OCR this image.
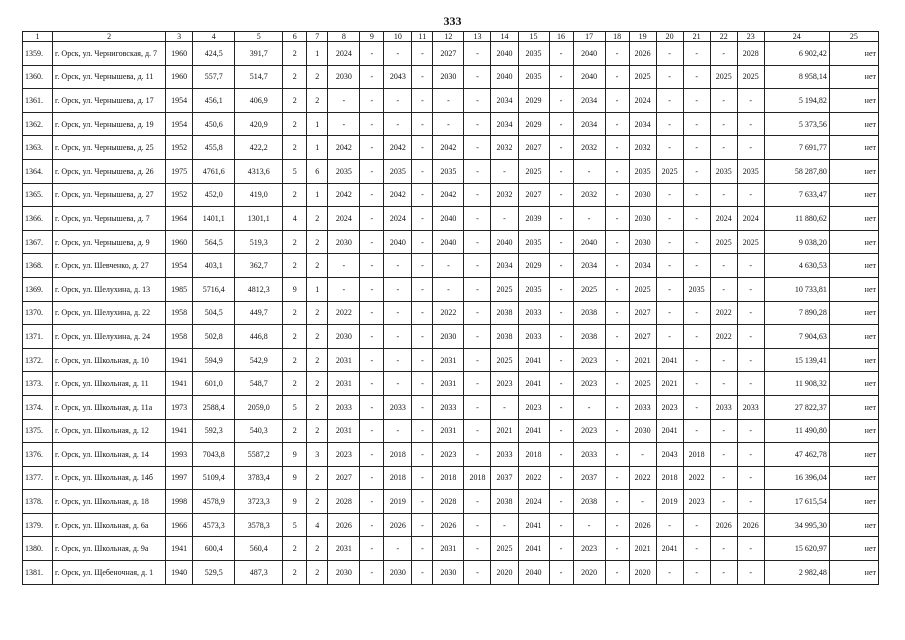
333
1	2	3	4	5	6	7	8	9	10	11	12	13	14	15	16	17	18	19	20	21	22	23	24	25
1359.	г. Орск, ул. Черниговская, д. 7	1960	424,5	391,7	2	1	2024	-	-	-	2027	-	2040	2035	-	2040	-	2026	-	-	-	2028	6 902,42	нет
1360.	г. Орск, ул. Чернышева, д. 11	1960	557,7	514,7	2	2	2030	-	2043	-	2030	-	2040	2035	-	2040	-	2025	-	-	2025	2025	8 958,14	нет
1361.	г. Орск, ул. Чернышева, д. 17	1954	456,1	406,9	2	2	-	-	-	-	-	-	2034	2029	-	2034	-	2024	-	-	-	-	5 194,82	нет
1362.	г. Орск, ул. Чернышева, д. 19	1954	450,6	420,9	2	1	-	-	-	-	-	-	2034	2029	-	2034	-	2034	-	-	-	-	5 373,56	нет
1363.	г. Орск, ул. Чернышева, д. 25	1952	455,8	422,2	2	1	2042	-	2042	-	2042	-	2032	2027	-	2032	-	2032	-	-	-	-	7 691,77	нет
1364.	г. Орск, ул. Чернышева, д. 26	1975	4761,6	4313,6	5	6	2035	-	2035	-	2035	-	-	2025	-	-	-	2035	2025	-	2035	2035	58 287,80	нет
1365.	г. Орск, ул. Чернышева, д. 27	1952	452,0	419,0	2	1	2042	-	2042	-	2042	-	2032	2027	-	2032	-	2030	-	-	-	-	7 633,47	нет
1366.	г. Орск, ул. Чернышева, д. 7	1964	1401,1	1301,1	4	2	2024	-	2024	-	2040	-	-	2039	-	-	-	2030	-	-	2024	2024	11 880,62	нет
1367.	г. Орск, ул. Чернышева, д. 9	1960	564,5	519,3	2	2	2030	-	2040	-	2040	-	2040	2035	-	2040	-	2030	-	-	2025	2025	9 038,20	нет
1368.	г. Орск, ул. Шевченко, д. 27	1954	403,1	362,7	2	2	-	-	-	-	-	-	2034	2029	-	2034	-	2034	-	-	-	-	4 630,53	нет
1369.	г. Орск, ул. Шелухина, д. 13	1985	5716,4	4812,3	9	1	-	-	-	-	-	-	2025	2035	-	2025	-	2025	-	2035	-	-	10 733,81	нет
1370.	г. Орск, ул. Шелухина, д. 22	1958	504,5	449,7	2	2	2022	-	-	-	2022	-	2038	2033	-	2038	-	2027	-	-	2022	-	7 890,28	нет
1371.	г. Орск, ул. Шелухина, д. 24	1958	502,8	446,8	2	2	2030	-	-	-	2030	-	2038	2033	-	2038	-	2027	-	-	2022	-	7 904,63	нет
1372.	г. Орск, ул. Школьная, д. 10	1941	594,9	542,9	2	2	2031	-	-	-	2031	-	2025	2041	-	2023	-	2021	2041	-	-	-	15 139,41	нет
1373.	г. Орск, ул. Школьная, д. 11	1941	601,0	548,7	2	2	2031	-	-	-	2031	-	2023	2041	-	2023	-	2025	2021	-	-	-	11 908,32	нет
1374.	г. Орск, ул. Школьная, д. 11а	1973	2588,4	2059,0	5	2	2033	-	2033	-	2033	-	-	2023	-	-	-	2033	2023	-	2033	2033	27 822,37	нет
1375.	г. Орск, ул. Школьная, д. 12	1941	592,3	540,3	2	2	2031	-	-	-	2031	-	2021	2041	-	2023	-	2030	2041	-	-	-	11 490,80	нет
1376.	г. Орск, ул. Школьная, д. 14	1993	7043,8	5587,2	9	3	2023	-	2018	-	2023	-	2033	2018	-	2033	-	-	2043	2018	-	-	47 462,78	нет
1377.	г. Орск, ул. Школьная, д. 14б	1997	5109,4	3783,4	9	2	2027	-	2018	-	2018	2018	2037	2022	-	2037	-	2022	2018	2022	-	-	16 396,04	нет
1378.	г. Орск, ул. Школьная, д. 18	1998	4578,9	3723,3	9	2	2028	-	2019	-	2028	-	2038	2024	-	2038	-	-	2019	2023	-	-	17 615,54	нет
1379.	г. Орск, ул. Школьная, д. 6а	1966	4573,3	3578,3	5	4	2026	-	2026	-	2026	-	-	2041	-	-	-	2026	-	-	2026	2026	34 995,30	нет
1380.	г. Орск, ул. Школьная, д. 9а	1941	600,4	560,4	2	2	2031	-	-	-	2031	-	2025	2041	-	2023	-	2021	2041	-	-	-	15 620,97	нет
1381.	г. Орск, ул. Щебеночная, д. 1	1940	529,5	487,3	2	2	2030	-	2030	-	2030	-	2020	2040	-	2020	-	2020	-	-	-	-	2 982,48	нет
